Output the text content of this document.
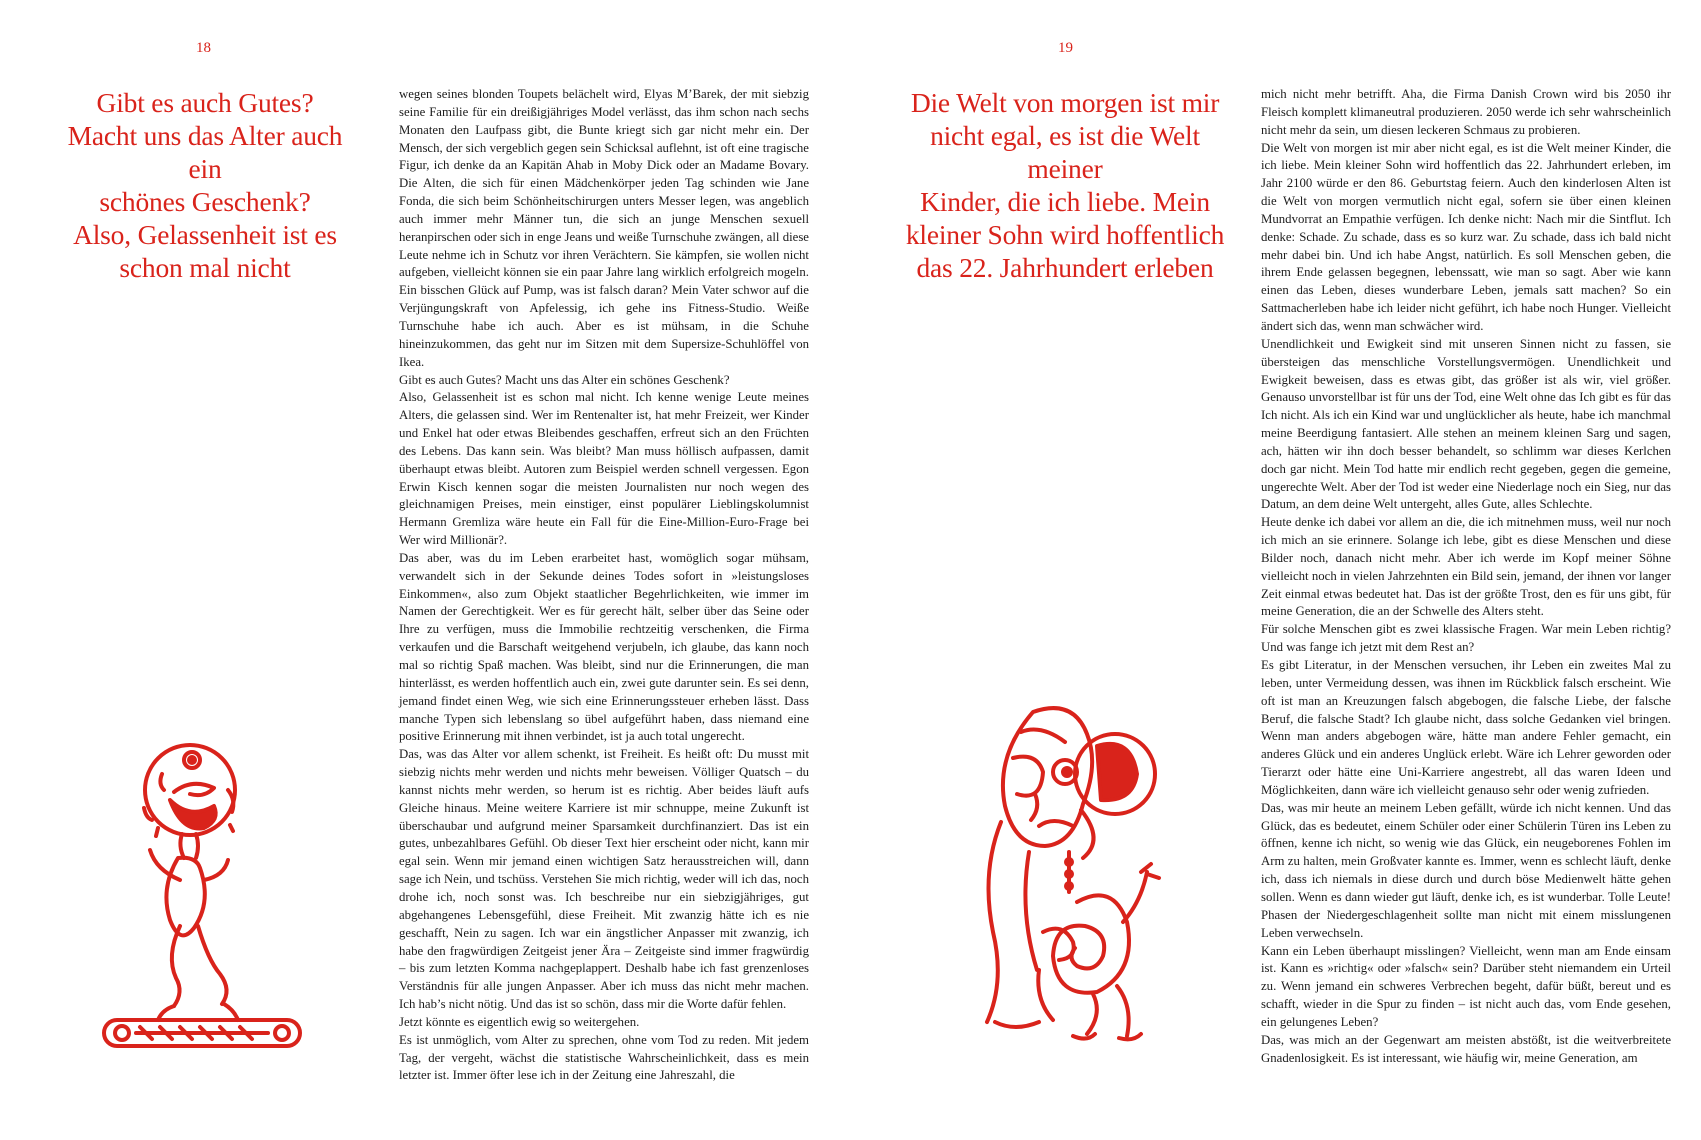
18
Gibt es auch Gutes?
Macht uns das Alter auch ein
schönes Geschenk?
Also, Gelassenheit ist es
schon mal nicht

wegen seines blonden Toupets belächelt wird, Elyas M’Barek, der mit siebzig seine Familie für ein dreißigjähriges Model verlässt, das ihm schon nach sechs Monaten den Laufpass gibt, die Bunte kriegt sich gar nicht mehr ein. Der Mensch, der sich vergeblich gegen sein Schicksal auflehnt, ist oft eine tragische Figur, ich denke da an Kapitän Ahab in Moby Dick oder an Madame Bovary. Die Alten, die sich für einen Mädchenkörper jeden Tag schinden wie Jane Fonda, die sich beim Schönheitschirurgen unters Messer legen, was angeblich auch immer mehr Männer tun, die sich an junge Menschen sexuell heranpirschen oder sich in enge Jeans und weiße Turnschuhe zwängen, all diese Leute nehme ich in Schutz vor ihren Verächtern. Sie kämpfen, sie wollen nicht aufgeben, vielleicht können sie ein paar Jahre lang wirklich erfolgreich mogeln. Ein bisschen Glück auf Pump, was ist falsch daran? Mein Vater schwor auf die Verjüngungskraft von Apfelessig, ich gehe ins Fitness-Studio. Weiße Turnschuhe habe ich auch. Aber es ist mühsam, in die Schuhe hineinzukommen, das geht nur im Sitzen mit dem Supersize-Schuhlöffel von Ikea.

Gibt es auch Gutes? Macht uns das Alter ein schönes Geschenk?

Also, Gelassenheit ist es schon mal nicht. Ich kenne wenige Leute meines Alters, die gelassen sind. Wer im Rentenalter ist, hat mehr Freizeit, wer Kinder und Enkel hat oder etwas Bleibendes geschaffen, erfreut sich an den Früchten des Lebens. Das kann sein. Was bleibt? Man muss höllisch aufpassen, damit überhaupt etwas bleibt. Autoren zum Beispiel werden schnell vergessen. Egon Erwin Kisch kennen sogar die meisten Journalisten nur noch wegen des gleichnamigen Preises, mein einstiger, einst populärer Lieblingskolumnist Hermann Gremliza wäre heute ein Fall für die Eine-Million-Euro-Frage bei Wer wird Millionär?.

Das aber, was du im Leben erarbeitet hast, womöglich sogar mühsam, verwandelt sich in der Sekunde deines Todes sofort in »leistungsloses Einkommen«, also zum Objekt staatlicher Begehrlichkeiten, wie immer im Namen der Gerechtigkeit. Wer es für gerecht hält, selber über das Seine oder Ihre zu verfügen, muss die Immobilie rechtzeitig verschenken, die Firma verkaufen und die Barschaft weitgehend verjubeln, ich glaube, das kann noch mal so richtig Spaß machen. Was bleibt, sind nur die Erinnerungen, die man hinterlässt, es werden hoffentlich auch ein, zwei gute darunter sein. Es sei denn, jemand findet einen Weg, wie sich eine Erinnerungssteuer erheben lässt. Dass manche Typen sich lebenslang so übel aufgeführt haben, dass niemand eine positive Erinnerung mit ihnen verbindet, ist ja auch total ungerecht.

Das, was das Alter vor allem schenkt, ist Freiheit. Es heißt oft: Du musst mit siebzig nichts mehr werden und nichts mehr beweisen. Völliger Quatsch – du kannst nichts mehr werden, so herum ist es richtig. Aber beides läuft aufs Gleiche hinaus. Meine weitere Karriere ist mir schnuppe, meine Zukunft ist überschaubar und aufgrund meiner Sparsamkeit durchfinanziert. Das ist ein gutes, unbezahlbares Gefühl. Ob dieser Text hier erscheint oder nicht, kann mir egal sein. Wenn mir jemand einen wichtigen Satz herausstreichen will, dann sage ich Nein, und tschüss. Verstehen Sie mich richtig, weder will ich das, noch drohe ich, noch sonst was. Ich beschreibe nur ein siebzigjähriges, gut abgehangenes Lebensgefühl, diese Freiheit. Mit zwanzig hätte ich es nie geschafft, Nein zu sagen. Ich war ein ängstlicher Anpasser mit zwanzig, ich habe den fragwürdigen Zeitgeist jener Ära – Zeitgeiste sind immer fragwürdig – bis zum letzten Komma nachgeplappert. Deshalb habe ich fast grenzenloses Verständnis für alle jungen Anpasser. Aber ich muss das nicht mehr machen. Ich hab’s nicht nötig. Und das ist so schön, dass mir die Worte dafür fehlen.

Jetzt könnte es eigentlich ewig so weitergehen.

Es ist unmöglich, vom Alter zu sprechen, ohne vom Tod zu reden. Mit jedem Tag, der vergeht, wächst die statistische Wahrscheinlichkeit, dass es mein letzter ist. Immer öfter lese ich in der Zeitung eine Jahreszahl, die

19
Die Welt von morgen ist mir
nicht egal, es ist die Welt meiner
Kinder, die ich liebe. Mein
kleiner Sohn wird hoffentlich
das 22. Jahrhundert erleben

mich nicht mehr betrifft. Aha, die Firma Danish Crown wird bis 2050 ihr Fleisch komplett klimaneutral produzieren. 2050 werde ich sehr wahrscheinlich nicht mehr da sein, um diesen leckeren Schmaus zu probieren.

Die Welt von morgen ist mir aber nicht egal, es ist die Welt meiner Kinder, die ich liebe. Mein kleiner Sohn wird hoffentlich das 22. Jahrhundert erleben, im Jahr 2100 würde er den 86. Geburtstag feiern. Auch den kinderlosen Alten ist die Welt von morgen vermutlich nicht egal, sofern sie über einen kleinen Mundvorrat an Empathie verfügen. Ich denke nicht: Nach mir die Sintflut. Ich denke: Schade. Zu schade, dass es so kurz war. Zu schade, dass ich bald nicht mehr dabei bin. Und ich habe Angst, natürlich. Es soll Menschen geben, die ihrem Ende gelassen begegnen, lebenssatt, wie man so sagt. Aber wie kann einen das Leben, dieses wunderbare Leben, jemals satt machen? So ein Sattmacherleben habe ich leider nicht geführt, ich habe noch Hunger. Vielleicht ändert sich das, wenn man schwächer wird.

Unendlichkeit und Ewigkeit sind mit unseren Sinnen nicht zu fassen, sie übersteigen das menschliche Vorstellungsvermögen. Unendlichkeit und Ewigkeit beweisen, dass es etwas gibt, das größer ist als wir, viel größer. Genauso unvorstellbar ist für uns der Tod, eine Welt ohne das Ich gibt es für das Ich nicht. Als ich ein Kind war und unglücklicher als heute, habe ich manchmal meine Beerdigung fantasiert. Alle stehen an meinem kleinen Sarg und sagen, ach, hätten wir ihn doch besser behandelt, so schlimm war dieses Kerlchen doch gar nicht. Mein Tod hatte mir endlich recht gegeben, gegen die gemeine, ungerechte Welt. Aber der Tod ist weder eine Niederlage noch ein Sieg, nur das Datum, an dem deine Welt untergeht, alles Gute, alles Schlechte.

Heute denke ich dabei vor allem an die, die ich mitnehmen muss, weil nur noch ich mich an sie erinnere. Solange ich lebe, gibt es diese Menschen und diese Bilder noch, danach nicht mehr. Aber ich werde im Kopf meiner Söhne vielleicht noch in vielen Jahrzehnten ein Bild sein, jemand, der ihnen vor langer Zeit einmal etwas bedeutet hat. Das ist der größte Trost, den es für uns gibt, für meine Generation, die an der Schwelle des Alters steht.

Für solche Menschen gibt es zwei klassische Fragen. War mein Leben richtig? Und was fange ich jetzt mit dem Rest an?

Es gibt Literatur, in der Menschen versuchen, ihr Leben ein zweites Mal zu leben, unter Vermeidung dessen, was ihnen im Rückblick falsch erscheint. Wie oft ist man an Kreuzungen falsch abgebogen, die falsche Liebe, der falsche Beruf, die falsche Stadt? Ich glaube nicht, dass solche Gedanken viel bringen. Wenn man anders abgebogen wäre, hätte man andere Fehler gemacht, ein anderes Glück und ein anderes Unglück erlebt. Wäre ich Lehrer geworden oder Tierarzt oder hätte eine Uni-Karriere angestrebt, all das waren Ideen und Möglichkeiten, dann wäre ich vielleicht genauso sehr oder wenig zufrieden.

Das, was mir heute an meinem Leben gefällt, würde ich nicht kennen. Und das Glück, das es bedeutet, einem Schüler oder einer Schülerin Türen ins Leben zu öffnen, kenne ich nicht, so wenig wie das Glück, ein neugeborenes Fohlen im Arm zu halten, mein Großvater kannte es. Immer, wenn es schlecht läuft, denke ich, dass ich niemals in diese durch und durch böse Medienwelt hätte gehen sollen. Wenn es dann wieder gut läuft, denke ich, es ist wunderbar. Tolle Leute! Phasen der Niedergeschlagenheit sollte man nicht mit einem misslungenen Leben verwechseln.

Kann ein Leben überhaupt misslingen? Vielleicht, wenn man am Ende einsam ist. Kann es »richtig« oder »falsch« sein? Darüber steht niemandem ein Urteil zu. Wenn jemand ein schweres Verbrechen begeht, dafür büßt, bereut und es schafft, wieder in die Spur zu finden – ist nicht auch das, vom Ende gesehen, ein gelungenes Leben?

Das, was mich an der Gegenwart am meisten abstößt, ist die weitverbreitete Gnadenlosigkeit. Es ist interessant, wie häufig wir, meine Generation, am
